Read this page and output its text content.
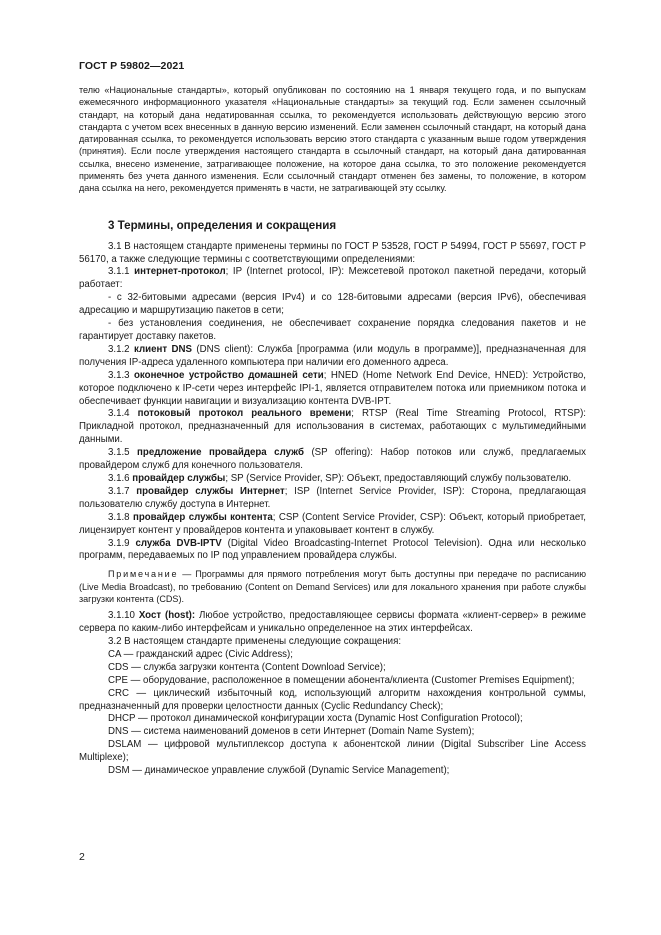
ГОСТ Р 59802—2021

телю «Национальные стандарты», который опубликован по состоянию на 1 января текущего года, и по выпускам ежемесячного информационного указателя «Национальные стандарты» за текущий год. Если заменен ссылочный стандарт, на который дана недатированная ссылка, то рекомендуется использовать действующую версию этого стандарта с учетом всех внесенных в данную версию изменений. Если заменен ссылочный стандарт, на который дана датированная ссылка, то рекомендуется использовать версию этого стандарта с указанным выше годом утверждения (принятия). Если после утверждения настоящего стандарта в ссылочный стандарт, на который дана датированная ссылка, внесено изменение, затрагивающее положение, на которое дана ссылка, то это положение рекомендуется применять без учета данного изменения. Если ссылочный стандарт отменен без замены, то положение, в котором дана ссылка на него, рекомендуется применять в части, не затрагивающей эту ссылку.

3 Термины, определения и сокращения

3.1 В настоящем стандарте применены термины по ГОСТ Р 53528, ГОСТ Р 54994, ГОСТ Р 55697, ГОСТ Р 56170, а также следующие термины с соответствующими определениями:

3.1.1 интернет-протокол; IP (Internet protocol, IP): Межсетевой протокол пакетной передачи, который работает:

- с 32-битовыми адресами (версия IPv4) и со 128-битовыми адресами (версия IPv6), обеспечивая адресацию и маршрутизацию пакетов в сети;

- без установления соединения, не обеспечивает сохранение порядка следования пакетов и не гарантирует доставку пакетов.

3.1.2 клиент DNS (DNS client): Служба [программа (или модуль в программе)], предназначенная для получения IP-адреса удаленного компьютера при наличии его доменного адреса.

3.1.3 оконечное устройство домашней сети; HNED (Home Network End Device, HNED): Устройство, которое подключено к IP-сети через интерфейс IPI-1, является отправителем потока или приемником потока и обеспечивает функции навигации и визуализацию контента DVB-IPT.

3.1.4 потоковый протокол реального времени; RTSP (Real Time Streaming Protocol, RTSP): Прикладной протокол, предназначенный для использования в системах, работающих с мультимедийными данными.

3.1.5 предложение провайдера служб (SP offering): Набор потоков или служб, предлагаемых провайдером служб для конечного пользователя.

3.1.6 провайдер службы; SP (Service Provider, SP): Объект, предоставляющий службу пользователю.

3.1.7 провайдер службы Интернет; ISP (Internet Service Provider, ISP): Сторона, предлагающая пользователю службу доступа в Интернет.

3.1.8 провайдер службы контента; CSP (Content Service Provider, CSP): Объект, который приобретает, лицензирует контент у провайдеров контента и упаковывает контент в службу.

3.1.9 служба DVB-IPTV (Digital Video Broadcasting-Internet Protocol Television). Одна или несколько программ, передаваемых по IP под управлением провайдера службы.

Примечание — Программы для прямого потребления могут быть доступны при передаче по расписанию (Live Media Broadcast), по требованию (Content on Demand Services) или для локального хранения при работе службы загрузки контента (CDS).

3.1.10 Хост (host): Любое устройство, предоставляющее сервисы формата «клиент-сервер» в режиме сервера по каким-либо интерфейсам и уникально определенное на этих интерфейсах.

3.2 В настоящем стандарте применены следующие сокращения:

CA — гражданский адрес (Civic Address);

CDS — служба загрузки контента (Content Download Service);

CPE — оборудование, расположенное в помещении абонента/клиента (Customer Premises Equipment);

CRC — циклический избыточный код, использующий алгоритм нахождения контрольной суммы, предназначенный для проверки целостности данных (Cyclic Redundancy Check);

DHCP — протокол динамической конфигурации хоста (Dynamic Host Configuration Protocol);

DNS — система наименований доменов в сети Интернет (Domain Name System);

DSLAM — цифровой мультиплексор доступа к абонентской линии (Digital Subscriber Line Access Multiplexe);

DSM — динамическое управление службой (Dynamic Service Management);

2
